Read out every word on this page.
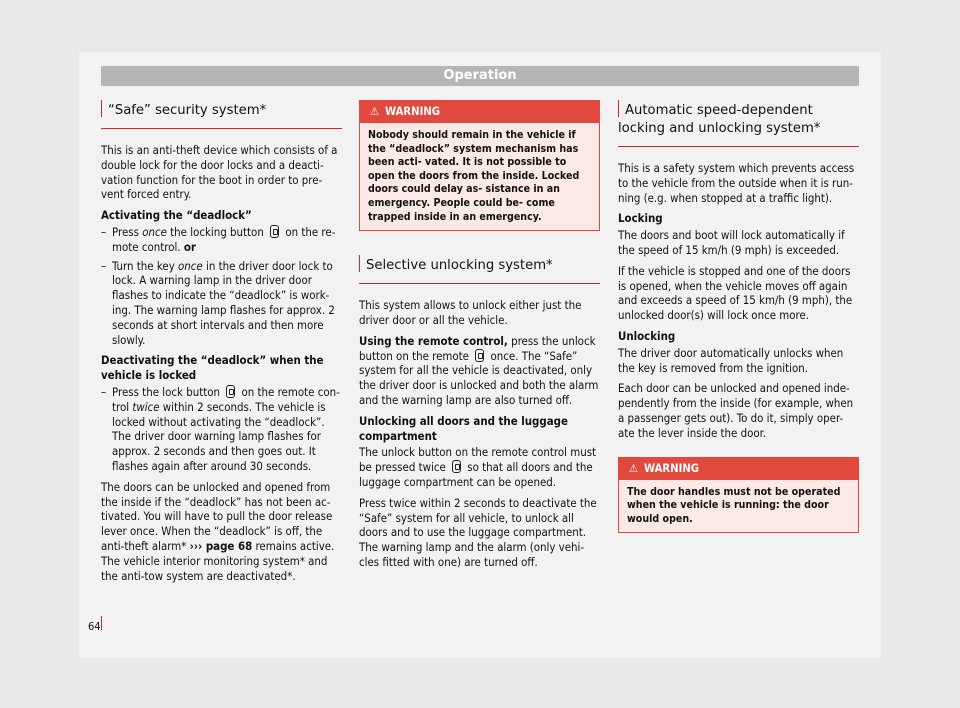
Operation
“Safe” security system*

This is an anti-theft device which consists of a double lock for the door locks and a deacti- vation function for the boot in order to pre- vent forced entry.

Activating the “deadlock”

– Press once the locking button  on the re- mote control. or
– Turn the key once in the driver door lock to lock. A warning lamp in the driver door flashes to indicate the “deadlock” is work- ing. The warning lamp flashes for approx. 2 seconds at short intervals and then more slowly.

Deactivating the “deadlock” when the vehicle is locked

– Press the lock button  on the remote con- trol twice within 2 seconds. The vehicle is locked without activating the “deadlock”. The driver door warning lamp flashes for approx. 2 seconds and then goes out. It flashes again after around 30 seconds.

The doors can be unlocked and opened from the inside if the “deadlock” has not been ac- tivated. You will have to pull the door release lever once. When the “deadlock” is off, the anti-theft alarm* ››› page 68 remains active. The vehicle interior monitoring system* and the anti-tow system are deactivated*.

⚠ WARNING
Nobody should remain in the vehicle if the “deadlock” system mechanism has been acti- vated. It is not possible to open the doors from the inside. Locked doors could delay as- sistance in an emergency. People could be- come trapped inside in an emergency.
Selective unlocking system*

This system allows to unlock either just the driver door or all the vehicle.

Using the remote control, press the unlock button on the remote  once. The “Safe” system for all the vehicle is deactivated, only the driver door is unlocked and both the alarm and the warning lamp are also turned off.

Unlocking all doors and the luggage compartment

The unlock button on the remote control must be pressed twice  so that all doors and the luggage compartment can be opened.

Press twice within 2 seconds to deactivate the “Safe” system for all vehicle, to unlock all doors and to use the luggage compartment. The warning lamp and the alarm (only vehi- cles fitted with one) are turned off.

Automatic speed-dependent locking and unlocking system*

This is a safety system which prevents access to the vehicle from the outside when it is run- ning (e.g. when stopped at a traffic light).

Locking

The doors and boot will lock automatically if the speed of 15 km/h (9 mph) is exceeded.

If the vehicle is stopped and one of the doors is opened, when the vehicle moves off again and exceeds a speed of 15 km/h (9 mph), the unlocked door(s) will lock once more.

Unlocking

The driver door automatically unlocks when the key is removed from the ignition.

Each door can be unlocked and opened inde- pendently from the inside (for example, when a passenger gets out). To do it, simply oper- ate the lever inside the door.

⚠ WARNING
The door handles must not be operated when the vehicle is running: the door would open.
64
